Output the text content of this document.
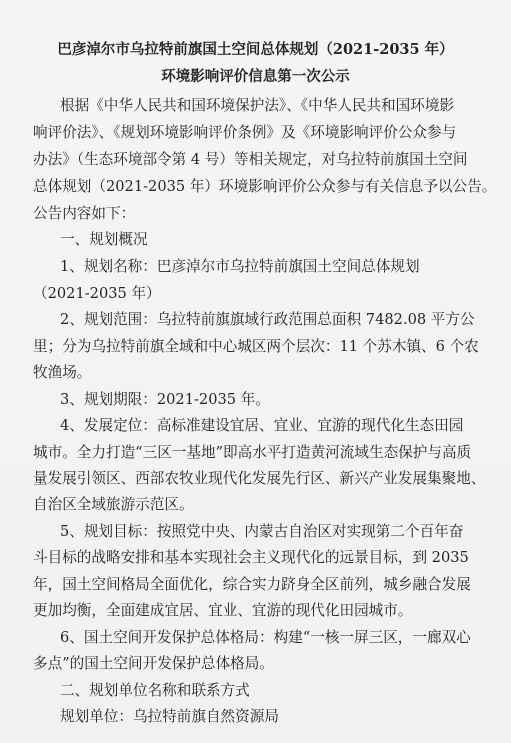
巴彦淖尔市乌拉特前旗国土空间总体规划（2021-2035 年）
环境影响评价信息第一次公示
根据《中华人民共和国环境保护法》、《中华人民共和国环境影
响评价法》、《规划环境影响评价条例》及《环境影响评价公众参与
办法》（生态环境部令第 4 号）等相关规定，对乌拉特前旗国土空间
总体规划（2021-2035 年）环境影响评价公众参与有关信息予以公告。
公告内容如下：
一、规划概况
1、规划名称：巴彦淖尔市乌拉特前旗国土空间总体规划
（2021-2035 年）
2、规划范围：乌拉特前旗旗域行政范围总面积 7482.08 平方公
里；分为乌拉特前旗全域和中心城区两个层次：11 个苏木镇、6 个农
牧渔场。
3、规划期限：2021-2035 年。
4、发展定位：高标准建设宜居、宜业、宜游的现代化生态田园
城市。全力打造“三区一基地”即高水平打造黄河流域生态保护与高质
量发展引领区、西部农牧业现代化发展先行区、新兴产业发展集聚地、
自治区全域旅游示范区。
5、规划目标：按照党中央、内蒙古自治区对实现第二个百年奋
斗目标的战略安排和基本实现社会主义现代化的远景目标，到 2035
年，国土空间格局全面优化，综合实力跻身全区前列，城乡融合发展
更加均衡，全面建成宜居、宜业、宜游的现代化田园城市。
6、国土空间开发保护总体格局：构建“一核一屏三区，一廊双心
多点”的国土空间开发保护总体格局。
二、规划单位名称和联系方式
规划单位：乌拉特前旗自然资源局
